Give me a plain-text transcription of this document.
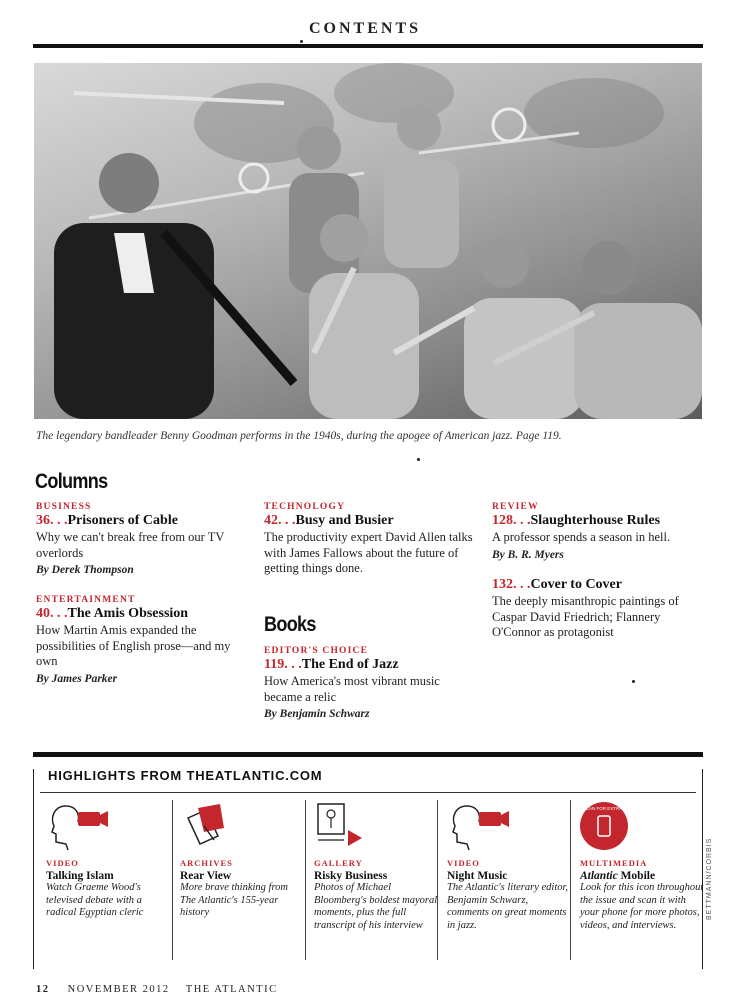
CONTENTS
The legendary bandleader Benny Goodman performs in the 1940s, during the apogee of American jazz. Page 119.
Columns
BUSINESS
36. . .Prisoners of Cable
Why we can't break free from our TV overlords
By Derek Thompson
ENTERTAINMENT
40. . .The Amis Obsession
How Martin Amis expanded the possibilities of English prose—and my own
By James Parker
TECHNOLOGY
42. . .Busy and Busier
The productivity expert David Allen talks with James Fallows about the future of getting things done.
REVIEW
128. . .Slaughterhouse Rules
A professor spends a season in hell.
By B. R. Myers
132. . .Cover to Cover
The deeply misanthropic paintings of Caspar David Friedrich; Flannery O'Connor as protagonist
Books
EDITOR'S CHOICE
119. . .The End of Jazz
How America's most vibrant music became a relic
By Benjamin Schwarz
HIGHLIGHTS FROM THEATLANTIC.COM
VIDEO
Talking Islam
Watch Graeme Wood's televised debate with a radical Egyptian cleric
ARCHIVES
Rear View
More brave thinking from The Atlantic's 155-year history
GALLERY
Risky Business
Photos of Michael Bloomberg's boldest mayoral moments, plus the full transcript of his interview
VIDEO
Night Music
The Atlantic's literary editor, Benjamin Schwarz, comments on great moments in jazz.
SCAN FOR EXTRAS
MULTIMEDIA
Atlantic Mobile
Look for this icon throughout the issue and scan it with your phone for more photos, videos, and interviews.
BETTMANN/CORBIS
12 NOVEMBER 2012 THE ATLANTIC
